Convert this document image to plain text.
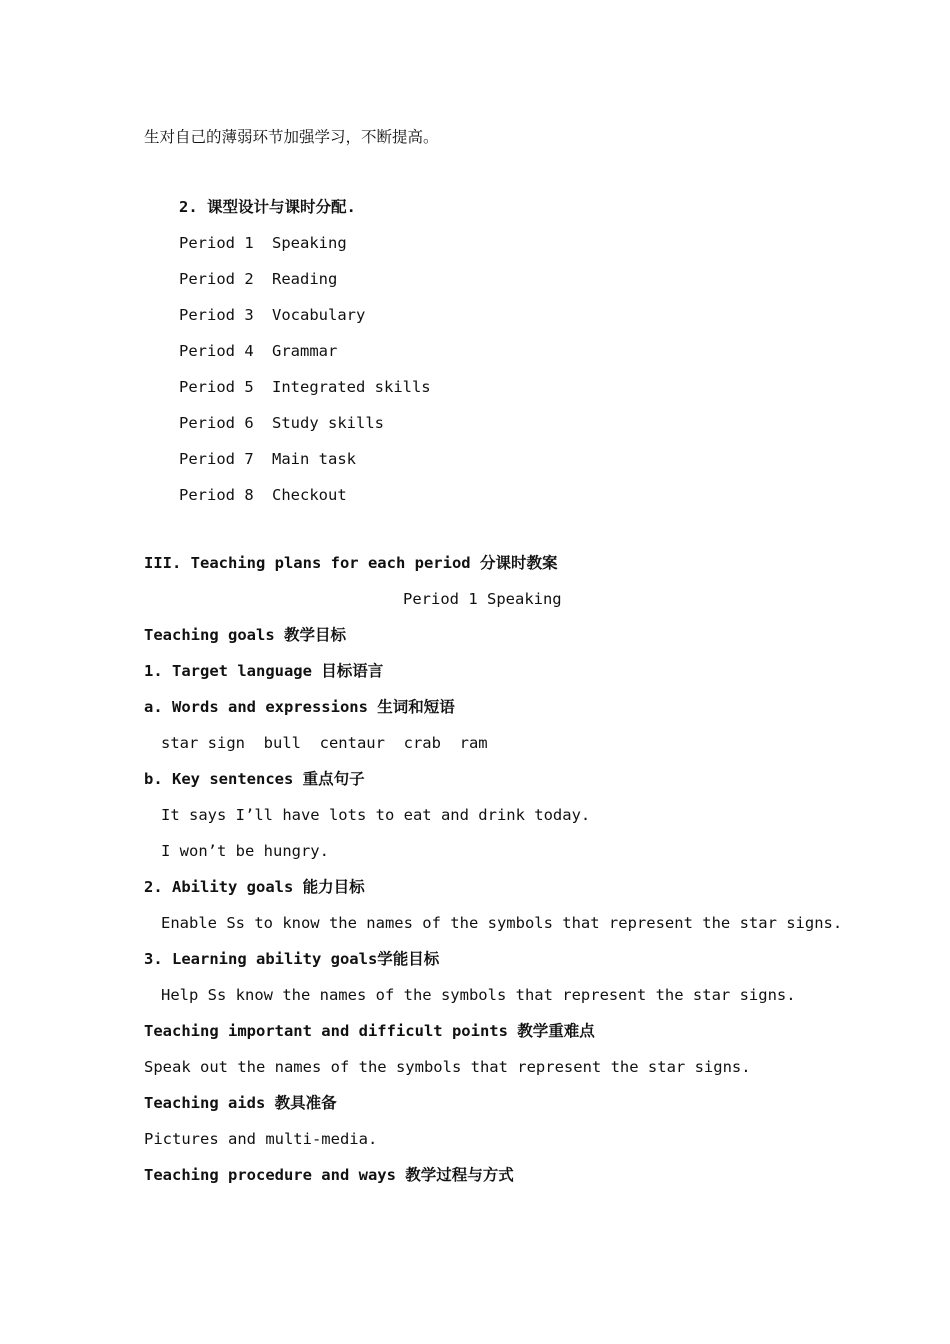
生对自己的薄弱环节加强学习，不断提高。
2. 课型设计与课时分配.
Period 1 Speaking
Period 2 Reading
Period 3 Vocabulary
Period 4 Grammar
Period 5 Integrated skills
Period 6 Study skills
Period 7 Main task
Period 8 Checkout
III. Teaching plans for each period 分课时教案
Period 1 Speaking
Teaching goals 教学目标
1. Target language 目标语言
a. Words and expressions 生词和短语
star sign  bull  centaur  crab  ram
b. Key sentences 重点句子
It says I’ll have lots to eat and drink today.
I won’t be hungry.
2. Ability goals 能力目标
Enable Ss to know the names of the symbols that represent the star signs.
3. Learning ability goals学能目标
Help Ss know the names of the symbols that represent the star signs.
Teaching important and difficult points 教学重难点
Speak out the names of the symbols that represent the star signs.
Teaching aids 教具准备
Pictures and multi-media.
Teaching procedure and ways 教学过程与方式
